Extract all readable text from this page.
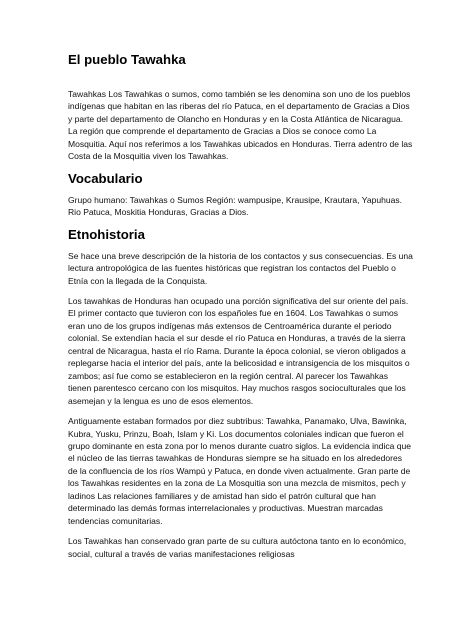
El pueblo Tawahka

Tawahkas Los Tawahkas o sumos, como también se les denomina son uno de los pueblos indígenas que habitan en las riberas del río Patuca, en el departamento de Gracias a Dios y parte del departamento de Olancho en Honduras y en la Costa Atlántica de Nicaragua. La región que comprende el departamento de Gracias a Dios se conoce como La Mosquitia. Aquí nos referimos a los Tawahkas ubicados en Honduras. Tierra adentro de las Costa de la Mosquitia viven los Tawahkas.

Vocabulario

Grupo humano: Tawahkas o Sumos Región: wampusipe, Krausipe, Krautara, Yapuhuas. Rio Patuca, Moskitia Honduras, Gracias a Dios.

Etnohistoria

Se hace una breve descripción de la historia de los contactos y sus consecuencias. Es una lectura antropológica de las fuentes históricas que registran los contactos del Pueblo o Etnía con la llegada de la Conquista.

Los tawahkas de Honduras han ocupado una porción significativa del sur oriente del país. El primer contacto que tuvieron con los españoles fue en 1604. Los Tawahkas o sumos eran uno de los grupos indígenas más extensos de Centroamérica durante el periodo colonial. Se extendían hacia el sur desde el río Patuca en Honduras, a través de la sierra central de Nicaragua, hasta el río Rama. Durante la época colonial, se vieron obligados a replegarse hacia el interior del país, ante la belicosidad e intransigencia de los misquitos o zambos; así fue como se establecieron en la región central. Al parecer los Tawahkas tienen parentesco cercano con los misquitos. Hay muchos rasgos socioculturales que los asemejan y la lengua es uno de esos elementos.

Antiguamente estaban formados por diez subtribus: Tawahka, Panamako, Ulva, Bawinka, Kubra, Yusku, Prinzu, Boah, Islam y Ki. Los documentos coloniales indican que fueron el grupo dominante en esta zona por lo menos durante cuatro siglos. La evidencia indica que el núcleo de las tierras tawahkas de Honduras siempre se ha situado en los alrededores de la confluencia de los ríos Wampú y Patuca, en donde viven actualmente. Gran parte de los Tawahkas residentes en la zona de La Mosquitia son una mezcla de mismitos, pech y ladinos Las relaciones familiares y de amistad han sido el patrón cultural que han determinado las demás formas interrelacionales y productivas. Muestran marcadas tendencias comunitarias.

Los Tawahkas han conservado gran parte de su cultura autóctona tanto en lo económico, social, cultural a través de varias manifestaciones religiosas
